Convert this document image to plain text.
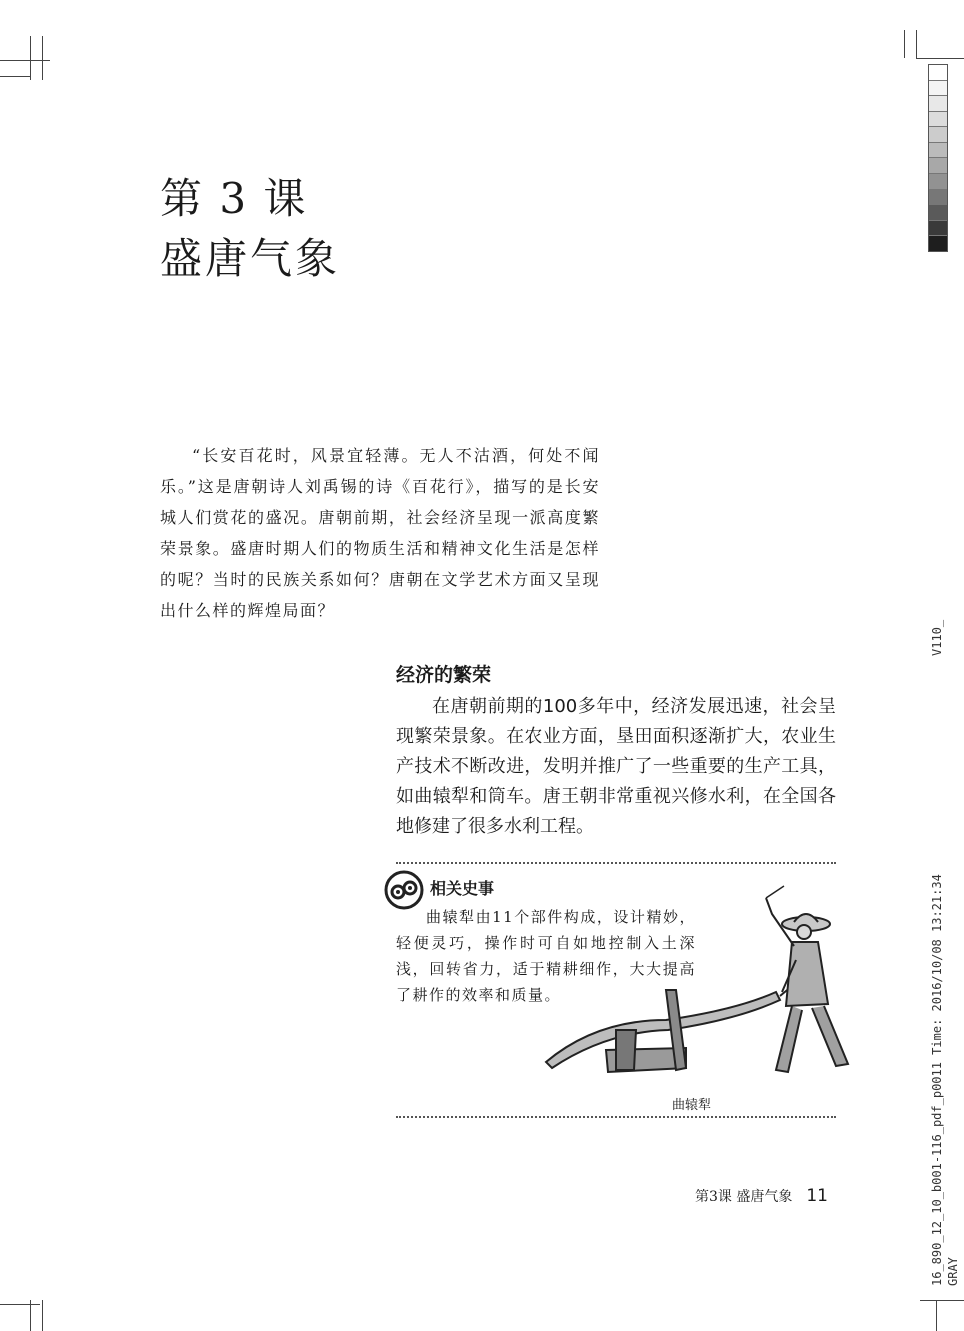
V110_
16_890_12_10_b001-116_pdf_p0011 Time: 2016/10/08 13:21:34 GRAY
第 3 课
盛唐气象

“长安百花时，风景宜轻薄。无人不沽酒，何处不闻乐。”这是唐朝诗人刘禹锡的诗《百花行》，描写的是长安城人们赏花的盛况。唐朝前期，社会经济呈现一派高度繁荣景象。盛唐时期人们的物质生活和精神文化生活是怎样的呢？当时的民族关系如何？唐朝在文学艺术方面又呈现出什么样的辉煌局面？

经济的繁荣

在唐朝前期的100多年中，经济发展迅速，社会呈现繁荣景象。在农业方面，垦田面积逐渐扩大，农业生产技术不断改进，发明并推广了一些重要的生产工具，如曲辕犁和筒车。唐王朝非常重视兴修水利，在全国各地修建了很多水利工程。

相关史事

曲辕犁由11个部件构成，设计精妙，轻便灵巧，操作时可自如地控制入土深浅，回转省力，适于精耕细作，大大提高了耕作的效率和质量。

曲辕犁
第3课 盛唐气象 11
